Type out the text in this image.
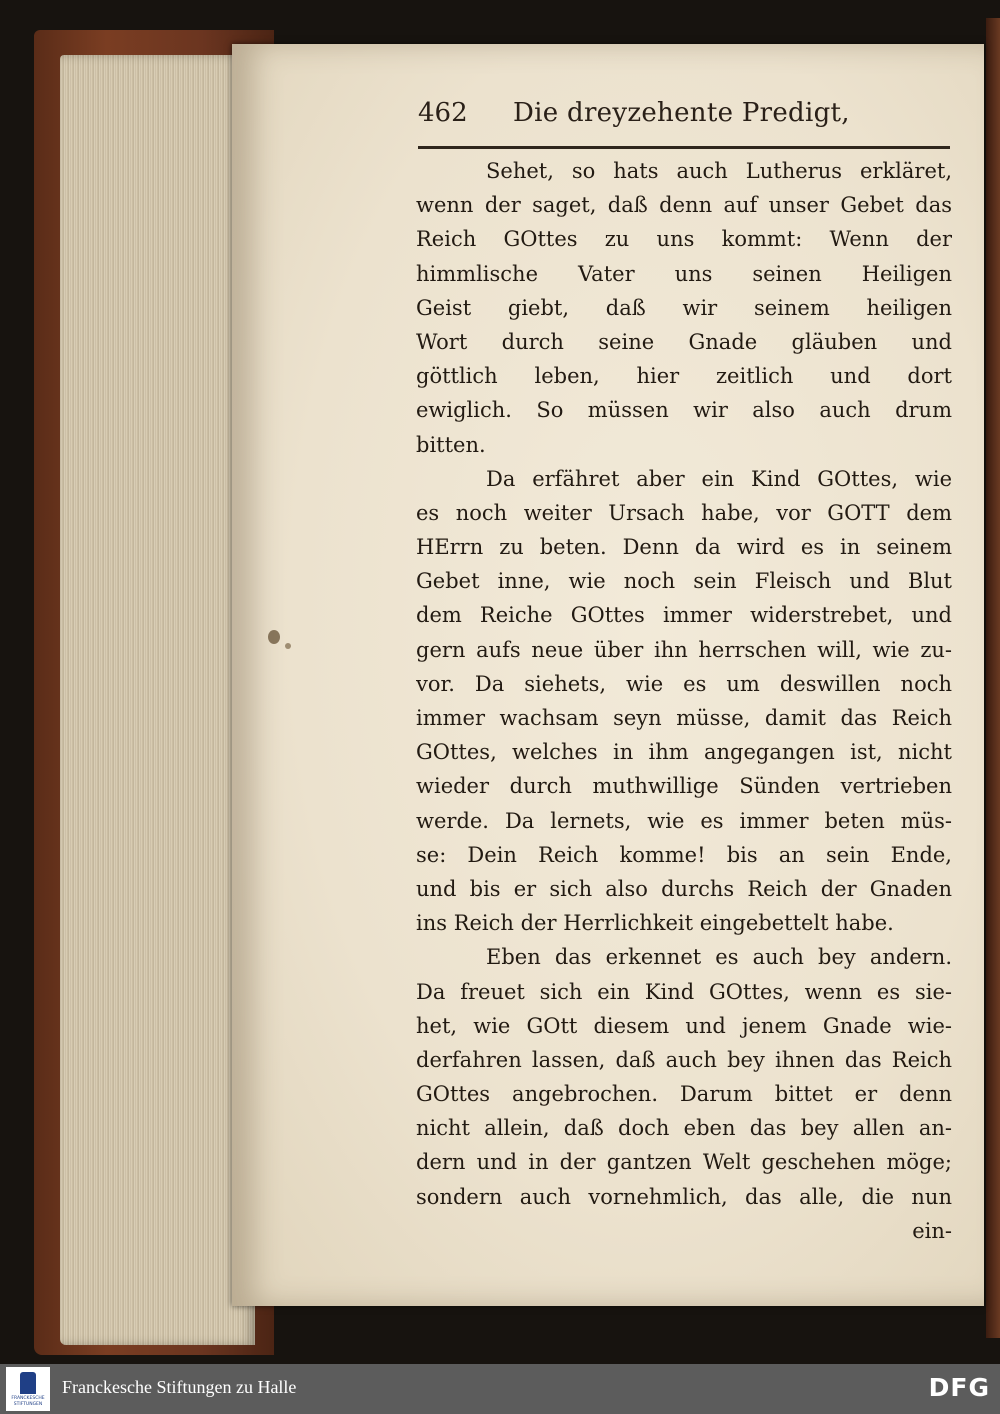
462 Die dreyzehente Predigt,
Sehet, so hats auch Lutherus erkläret,
wenn der saget, daß denn auf unser Gebet das
Reich GOttes zu uns kommt: Wenn der
himmlische Vater uns seinen Heiligen
Geist giebt, daß wir seinem heiligen
Wort durch seine Gnade gläuben und
göttlich leben, hier zeitlich und dort
ewiglich. So müssen wir also auch drum
bitten.
Da erfähret aber ein Kind GOttes, wie
es noch weiter Ursach habe, vor GOTT dem
HErrn zu beten. Denn da wird es in seinem
Gebet inne, wie noch sein Fleisch und Blut
dem Reiche GOttes immer widerstrebet, und
gern aufs neue über ihn herrschen will, wie zu-
vor. Da siehets, wie es um deswillen noch
immer wachsam seyn müsse, damit das Reich
GOttes, welches in ihm angegangen ist, nicht
wieder durch muthwillige Sünden vertrieben
werde. Da lernets, wie es immer beten müs-
se: Dein Reich komme! bis an sein Ende,
und bis er sich also durchs Reich der Gnaden
ins Reich der Herrlichkeit eingebettelt habe.
Eben das erkennet es auch bey andern.
Da freuet sich ein Kind GOttes, wenn es sie-
het, wie GOtt diesem und jenem Gnade wie-
derfahren lassen, daß auch bey ihnen das Reich
GOttes angebrochen. Darum bittet er denn
nicht allein, daß doch eben das bey allen an-
dern und in der gantzen Welt geschehen möge;
sondern auch vornehmlich, das alle, die nun
ein-
FRANCKESCHE
STIFTUNGEN
Franckesche Stiftungen zu Halle	DFG
